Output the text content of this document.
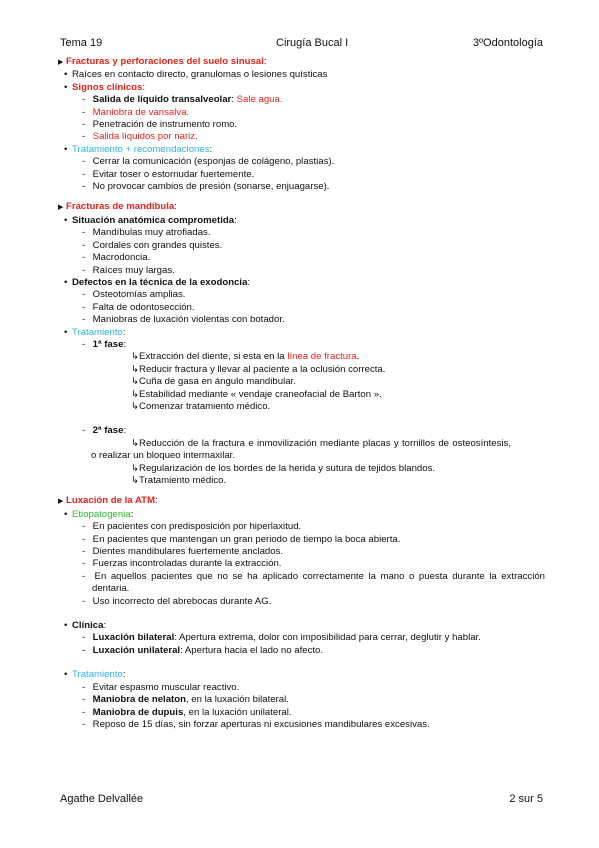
Tema 19	Cirugía Bucal I	3ºOdontología
▶ Fracturas y perforaciones del suelo sinusal:
• Raíces en contacto directo, granulomas o lesiones quísticas
• Signos clínicos:
- Salida de líquido transalveolar: Sale agua.
- Maniobra de vansalva.
- Penetración de instrumento romo.
- Salida líquidos por nariz.
• Tratamiento + recomendaciones:
- Cerrar la comunicación (esponjas de colágeno, plastias).
- Evitar toser o estornudar fuertemente.
- No provocar cambios de presión (sonarse, enjuagarse).
▶ Fracturas de mandíbula:
• Situación anatómica comprometida:
- Mandíbulas muy atrofiadas.
- Cordales con grandes quistes.
- Macrodoncia.
- Raíces muy largas.
• Defectos en la técnica de la exodoncia:
- Osteotomías amplias.
- Falta de odontosección.
- Maniobras de luxación violentas con botador.
• Tratamiento:
- 1ª fase:
↳Extracción del diente, si esta en la línea de fractura.
↳Reducir fractura y llevar al paciente a la oclusión correcta.
↳Cuña de gasa en ángulo mandibular.
↳Estabilidad mediante « vendaje craneofacial de Barton ».
↳Comenzar tratamiento médico.
- 2ª fase:
↳Reducción de la fractura e inmovilización mediante placas y tornillos de osteosíntesis, o realizar un bloqueo intermaxilar.
↳Regularización de los bordes de la herida y sutura de tejidos blandos.
↳Tratamiento médico.
▶ Luxación de la ATM:
• Etiopatogenia:
- En pacientes con predisposición por hiperlaxitud.
- En pacientes que mantengan un gran periodo de tiempo la boca abierta.
- Dientes mandibulares fuertemente anclados.
- Fuerzas incontroladas durante la extracción.
- En aquellos pacientes que no se ha aplicado correctamente la mano o puesta durante la extracción dentaria.
- Uso incorrecto del abrebocas durante AG.
• Clínica:
- Luxación bilateral: Apertura extrema, dolor con imposibilidad para cerrar, deglutir y hablar.
- Luxación unilateral: Apertura hacia el lado no afecto.
• Tratamiento:
- Evitar espasmo muscular reactivo.
- Maniobra de nelaton, en la luxación bilateral.
- Maniobra de dupuis, en la luxación unilateral.
- Reposo de 15 días, sin forzar aperturas ni excusiones mandibulares excesivas.
Agathe Delvallée	2 sur 5
